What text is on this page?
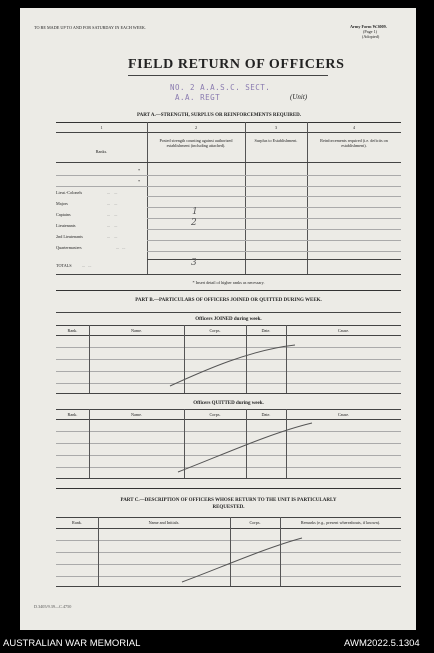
TO BE MADE UP TO AND FOR SATURDAY IN EACH WEEK.	Army Form W.3009.
(Page 1)
(Adopted)
FIELD RETURN OF OFFICERS
NO. 2 A.A.S.C. SECT.
A.A. REGT	(Unit)
PART A.—STRENGTH, SURPLUS OR REINFORCEMENTS REQUIRED.
1	2	3	4
Ranks.
Posted strength counting against authorized establishment (including attached).
Surplus to Establishment.	Reinforcements required (i.e. deficits on establishment).
*
*
Lieut.-Colonels	...    ...
Majors	...    ...
Captains	...    ...	1
Lieutenants	...    ...	2
2nd Lieutenants	...    ...
Quartermasters	...   ...
TOTALS ...   ...	3
* Insert detail of higher ranks as necessary.
PART B.—PARTICULARS OF OFFICERS JOINED OR QUITTED DURING WEEK.
Officers JOINED during week.
Rank.	Name.	Corps.	Date.	Cause.
Officers QUITTED during week.
Rank.	Name.	Corps.	Date.	Cause.
PART C.—DESCRIPTION OF OFFICERS WHOSE RETURN TO THE UNIT IS PARTICULARLY
REQUESTED.
Rank.	Name and Initials.	Corps.	Remarks (e.g., present whereabouts, if known).
D.3405/9.39—C.4750
AUSTRALIAN WAR MEMORIAL	AWM2022.5.1304
